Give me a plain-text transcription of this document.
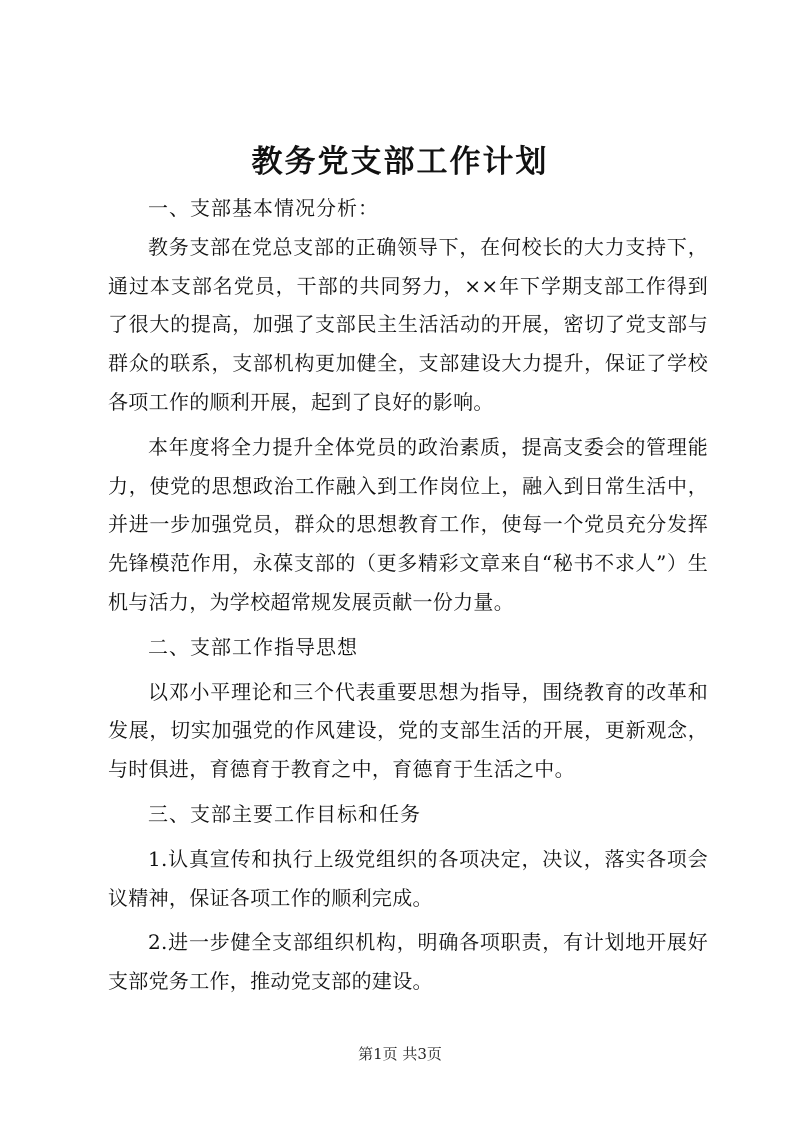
教务党支部工作计划

一、支部基本情况分析：

教务支部在党总支部的正确领导下，在何校长的大力支持下，通过本支部名党员，干部的共同努力，××年下学期支部工作得到了很大的提高，加强了支部民主生活活动的开展，密切了党支部与群众的联系，支部机构更加健全，支部建设大力提升，保证了学校各项工作的顺利开展，起到了良好的影响。

本年度将全力提升全体党员的政治素质，提高支委会的管理能力，使党的思想政治工作融入到工作岗位上，融入到日常生活中，并进一步加强党员，群众的思想教育工作，使每一个党员充分发挥先锋模范作用，永葆支部的（更多精彩文章来自“秘书不求人”）生机与活力，为学校超常规发展贡献一份力量。

二、支部工作指导思想

以邓小平理论和三个代表重要思想为指导，围绕教育的改革和发展，切实加强党的作风建设，党的支部生活的开展，更新观念，与时俱进，育德育于教育之中，育德育于生活之中。

三、支部主要工作目标和任务

1.认真宣传和执行上级党组织的各项决定，决议，落实各项会议精神，保证各项工作的顺利完成。

2.进一步健全支部组织机构，明确各项职责，有计划地开展好支部党务工作，推动党支部的建设。

第1页 共3页
